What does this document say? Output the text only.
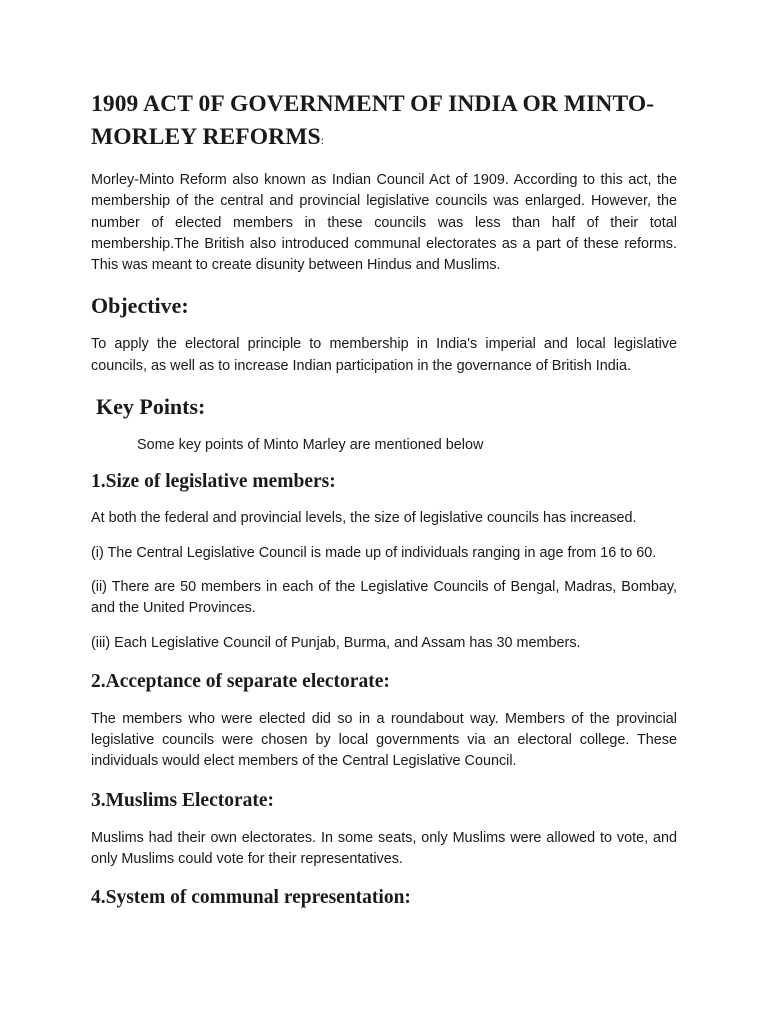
1909 ACT 0F GOVERNMENT OF INDIA OR MINTO-MORLEY REFORMS:

Morley-Minto Reform also known as Indian Council Act of 1909. According to this act, the membership of the central and provincial legislative councils was enlarged. However, the number of elected members in these councils was less than half of their total membership.The British also introduced communal electorates as a part of these reforms. This was meant to create disunity between Hindus and Muslims.

Objective:

To apply the electoral principle to membership in India's imperial and local legislative councils, as well as to increase Indian participation in the governance of British India.

Key Points:

Some key points of Minto Marley are mentioned below

1.Size of legislative members:

At both the federal and provincial levels, the size of legislative councils has increased.

(i) The Central Legislative Council is made up of individuals ranging in age from 16 to 60.

(ii) There are 50 members in each of the Legislative Councils of Bengal, Madras, Bombay, and the United Provinces.

(iii) Each Legislative Council of Punjab, Burma, and Assam has 30 members.

2.Acceptance of separate electorate:

The members who were elected did so in a roundabout way. Members of the provincial legislative councils were chosen by local governments via an electoral college. These individuals would elect members of the Central Legislative Council.

3.Muslims Electorate:

Muslims had their own electorates. In some seats, only Muslims were allowed to vote, and only Muslims could vote for their representatives.

4.System of communal representation:
